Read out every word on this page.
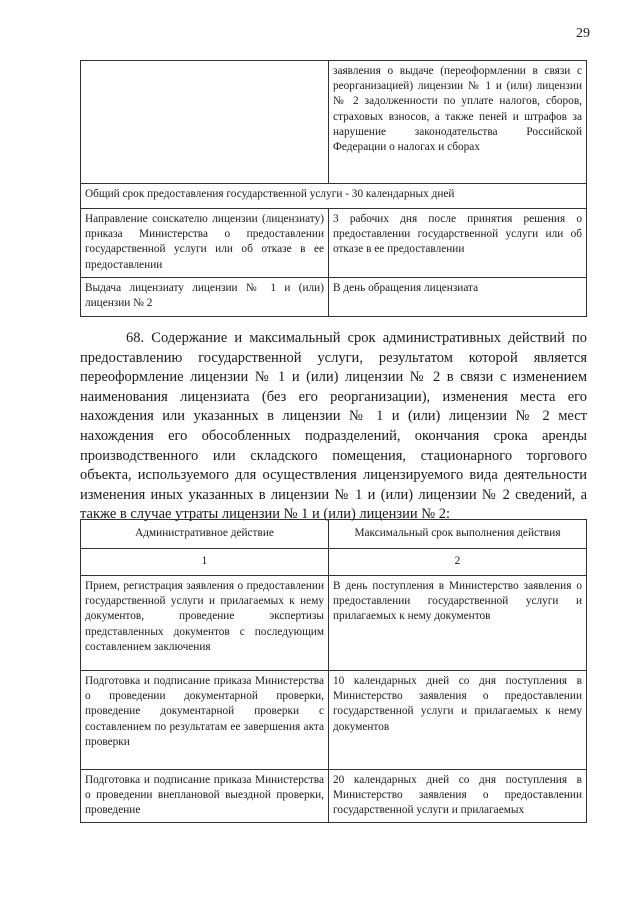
29
	заявления о выдаче (переоформлении в связи с реорганизацией) лицензии № 1 и (или) лицензии № 2 задолженности по уплате налогов, сборов, страховых взносов, а также пеней и штрафов за нарушение законодательства Российской Федерации о налогах и сборах
Общий срок предоставления государственной услуги - 30 календарных дней	
Направление соискателю лицензии (лицензиату) приказа Министерства о предоставлении государственной услуги или об отказе в ее предоставлении	3 рабочих дня после принятия решения о предоставлении государственной услуги или об отказе в ее предоставлении
Выдача лицензиату лицензии № 1 и (или) лицензии № 2	В день обращения лицензиата

68. Содержание и максимальный срок административных действий по предоставлению государственной услуги, результатом которой является переоформление лицензии № 1 и (или) лицензии № 2 в связи с изменением наименования лицензиата (без его реорганизации), изменения места его нахождения или указанных в лицензии № 1 и (или) лицензии № 2 мест нахождения его обособленных подразделений, окончания срока аренды производственного или складского помещения, стационарного торгового объекта, используемого для осуществления лицензируемого вида деятельности изменения иных указанных в лицензии № 1 и (или) лицензии № 2 сведений, а также в случае утраты лицензии № 1 и (или) лицензии № 2:

Административное действие	Максимальный срок выполнения действия
1	2
Прием, регистрация заявления о предоставлении государственной услуги и прилагаемых к нему документов, проведение экспертизы представленных документов с последующим составлением заключения	В день поступления в Министерство заявления о предоставлении государственной услуги и прилагаемых к нему документов
Подготовка и подписание приказа Министерства о проведении документарной проверки, проведение документарной проверки с составлением по результатам ее завершения акта проверки	10 календарных дней со дня поступления в Министерство заявления о предоставлении государственной услуги и прилагаемых к нему документов
Подготовка и подписание приказа Министерства о проведении внеплановой выездной проверки, проведение	20 календарных дней со дня поступления в Министерство заявления о предоставлении государственной услуги и прилагаемых
